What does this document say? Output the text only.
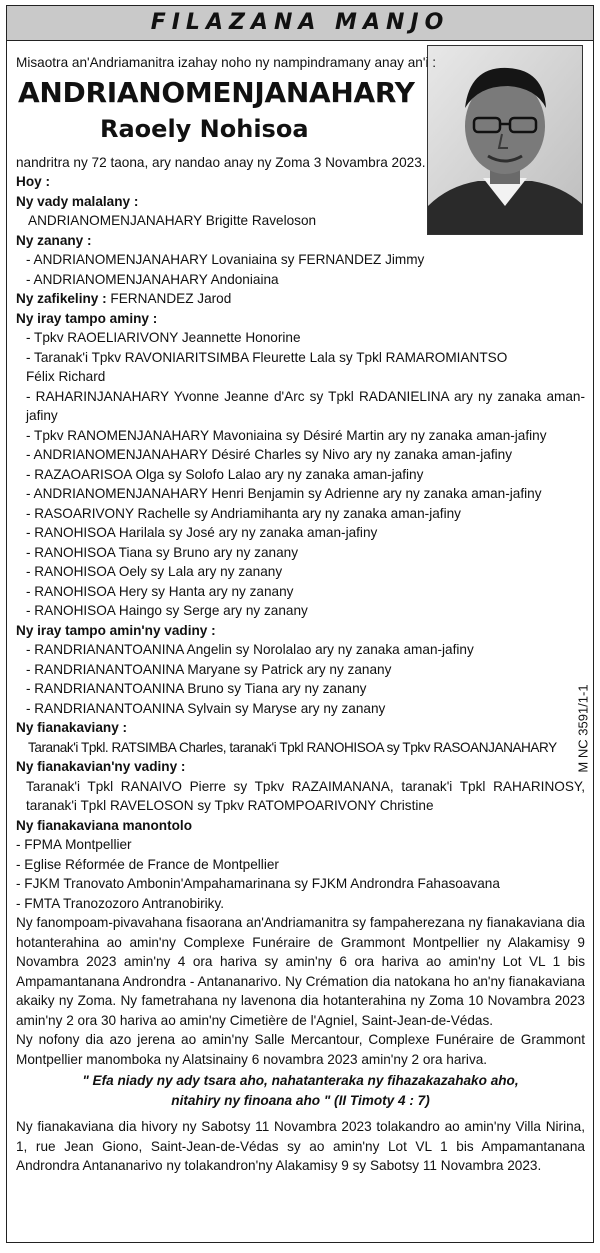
FILAZANA MANJO
M NC 3591/1-1
Misaotra an'Andriamanitra izahay noho ny nampindramany anay an'i :
ANDRIANOMENJANAHARY
Raoely Nohisoa
nandritra ny 72 taona, ary nandao anay ny Zoma 3 Novambra 2023.
Hoy :
Ny vady malalany :
ANDRIANOMENJANAHARY Brigitte Raveloson
Ny zanany :
- ANDRIANOMENJANAHARY Lovaniaina sy FERNANDEZ Jimmy
- ANDRIANOMENJANAHARY Andoniaina
Ny zafikeliny : FERNANDEZ Jarod
Ny iray tampo aminy :
- Tpkv RAOELIARIVONY Jeannette Honorine
- Taranak'i Tpkv RAVONIARITSIMBA Fleurette Lala sy Tpkl RAMAROMIANTSO Félix Richard
- RAHARINJANAHARY Yvonne Jeanne d'Arc sy Tpkl RADANIELINA ary ny zanaka aman-jafiny
- Tpkv RANOMENJANAHARY Mavoniaina sy Désiré Martin ary ny zanaka aman-jafiny
- ANDRIANOMENJANAHARY Désiré Charles sy Nivo ary ny zanaka aman-jafiny
- RAZAOARISOA Olga sy Solofo Lalao ary ny zanaka aman-jafiny
- ANDRIANOMENJANAHARY Henri Benjamin sy Adrienne ary ny zanaka aman-jafiny
- RASOARIVONY Rachelle sy Andriamihanta ary ny zanaka aman-jafiny
- RANOHISOA Harilala sy José ary ny zanaka aman-jafiny
- RANOHISOA Tiana sy Bruno ary ny zanany
- RANOHISOA Oely sy Lala ary ny zanany
- RANOHISOA Hery sy Hanta ary ny zanany
- RANOHISOA Haingo sy Serge ary ny zanany
Ny iray tampo amin'ny vadiny :
- RANDRIANANTOANINA Angelin sy Norolalao ary ny zanaka aman-jafiny
- RANDRIANANTOANINA Maryane sy Patrick ary ny zanany
- RANDRIANANTOANINA Bruno sy Tiana ary ny zanany
- RANDRIANANTOANINA Sylvain sy Maryse ary ny zanany
Ny fianakaviany :
Taranak'i Tpkl. RATSIMBA Charles, taranak'i Tpkl RANOHISOA sy Tpkv RASOANJANAHARY
Ny fianakavian'ny vadiny :
Taranak'i Tpkl RANAIVO Pierre sy Tpkv RAZAIMANANA, taranak'i Tpkl RAHARINOSY, taranak'i Tpkl RAVELOSON sy Tpkv RATOMPOARIVONY Christine
Ny fianakaviana manontolo
- FPMA Montpellier
- Eglise Réformée de France de Montpellier
- FJKM Tranovato Ambonin'Ampahamarinana sy FJKM Androndra Fahasoavana
- FMTA Tranozozoro Antranobiriky.
Ny fanompoam-pivavahana fisaorana an'Andriamanitra sy fampaherezana ny fianakaviana dia hotanterahina ao amin'ny Complexe Funéraire de Grammont Montpellier ny Alakamisy 9 Novambra 2023 amin'ny 4 ora hariva sy amin'ny 6 ora hariva ao amin'ny Lot VL 1 bis Ampamantanana Androndra - Antananarivo. Ny Crémation dia natokana ho an'ny fianakaviana akaiky ny Zoma. Ny fametrahana ny lavenona dia hotanterahina ny Zoma 10 Novambra 2023 amin'ny 2 ora 30 hariva ao amin'ny Cimetière de l'Agniel, Saint-Jean-de-Védas.
Ny nofony dia azo jerena ao amin'ny Salle Mercantour, Complexe Funéraire de Grammont Montpellier manomboka ny Alatsinainy 6 novambra 2023 amin'ny 2 ora hariva.
" Efa niady ny ady tsara aho, nahatanteraka ny fihazakazahako aho,
nitahiry ny finoana aho " (II Timoty 4 : 7)
Ny fianakaviana dia hivory ny Sabotsy 11 Novambra 2023 tolakandro ao amin'ny Villa Nirina, 1, rue Jean Giono, Saint-Jean-de-Védas sy ao amin'ny Lot VL 1 bis Ampamantanana Androndra Antananarivo ny tolakandron'ny Alakamisy 9 sy Sabotsy 11 Novambra 2023.
